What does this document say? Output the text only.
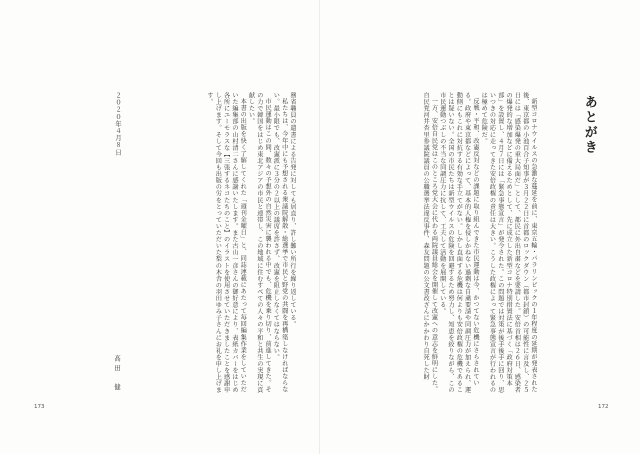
あとがき

新型コロナウイルスの急激な蔓延を前に、東京五輪・パラリンピックの１年程度の延期が発表された後、東京都の小池百合子知事が３月２２日に首都のロックダウン（都市封鎖）の可能性に言及し、２５日には「感染爆発の重大局面だ」として、都民に外出自粛などを要請した。安倍首相は２６日、感染者の爆発的な増加などに備えるためとして、先に成立した新型コロナ特別措置法に基づく「政府対策本部」を設置し、４月７日には「緊急事態宣言」が発令された。この問題では対策が後手後手に回り、思いつきの対応に走ってきた安倍政権の責任は大きい。こうした政権によって緊急事態宣言が行われるのは極めて危険だ。

反戦・平和、改憲反対などの課題に取り組んできた市民運動は今、かつてない危機にさらされている。政府や東京都などによって、基本的人権を侵しかねない過剰な自粛要請や同調圧力が加えられ、運動側にもこれに対抗する有効な手立てがない。しかし直面する危機は何よりも安倍政権の危機であることは疑いない。全国の市民たちは新型ウイルスの危険を回避するため努力し、知恵を絞りながら、この市民運動つぶしの不当な同調圧力に抗して、工夫して活動を展開している。

一方、安倍自民党はこのところ党大会に代わる両院議員総会を開催して改憲への意志を鮮明にした。自民党河井杏里参議院議員の公職選挙法違反事件、森友問題の公文書改ざんにかかわり自死した財

務省職員の遺書による告発に対しても居直り、許し難い所行を繰り返している。

私たちは、今年中にも予想される衆議院解散・総選挙で市民と野党の共闘を再構築しなければならない。最小限でも、改憲派に３分の２以上の議席を許さず、改憲を阻止しなくてはならない。

市民運動はこの間、数々の予想外の自然災害に襲われる中でも、危機を乗り切り、前進してきた。その力で韓国をはじめ東北アジアの市民と連帯し、この地域に住むすべての人々の平和と共生の実現に貢献したい。

本書の出版を快く了解してくれた「週刊金曜日」と、同誌連載にあたって毎回編集作業をしていただいた編集部の山村清二さんに感謝いたします。また古山一彦さんの御好意により、表紙カバーをはじめ各所にユーモラスな【三張するネコたちのこと】のイラストを使用させていただきましたことを感謝申し上げます。そして今回も出版の労をとっていただいた梨の木舎の羽田ゆみ子さんにお礼を申し上げます。

２０２０年４月８日
高田　健
173	172
